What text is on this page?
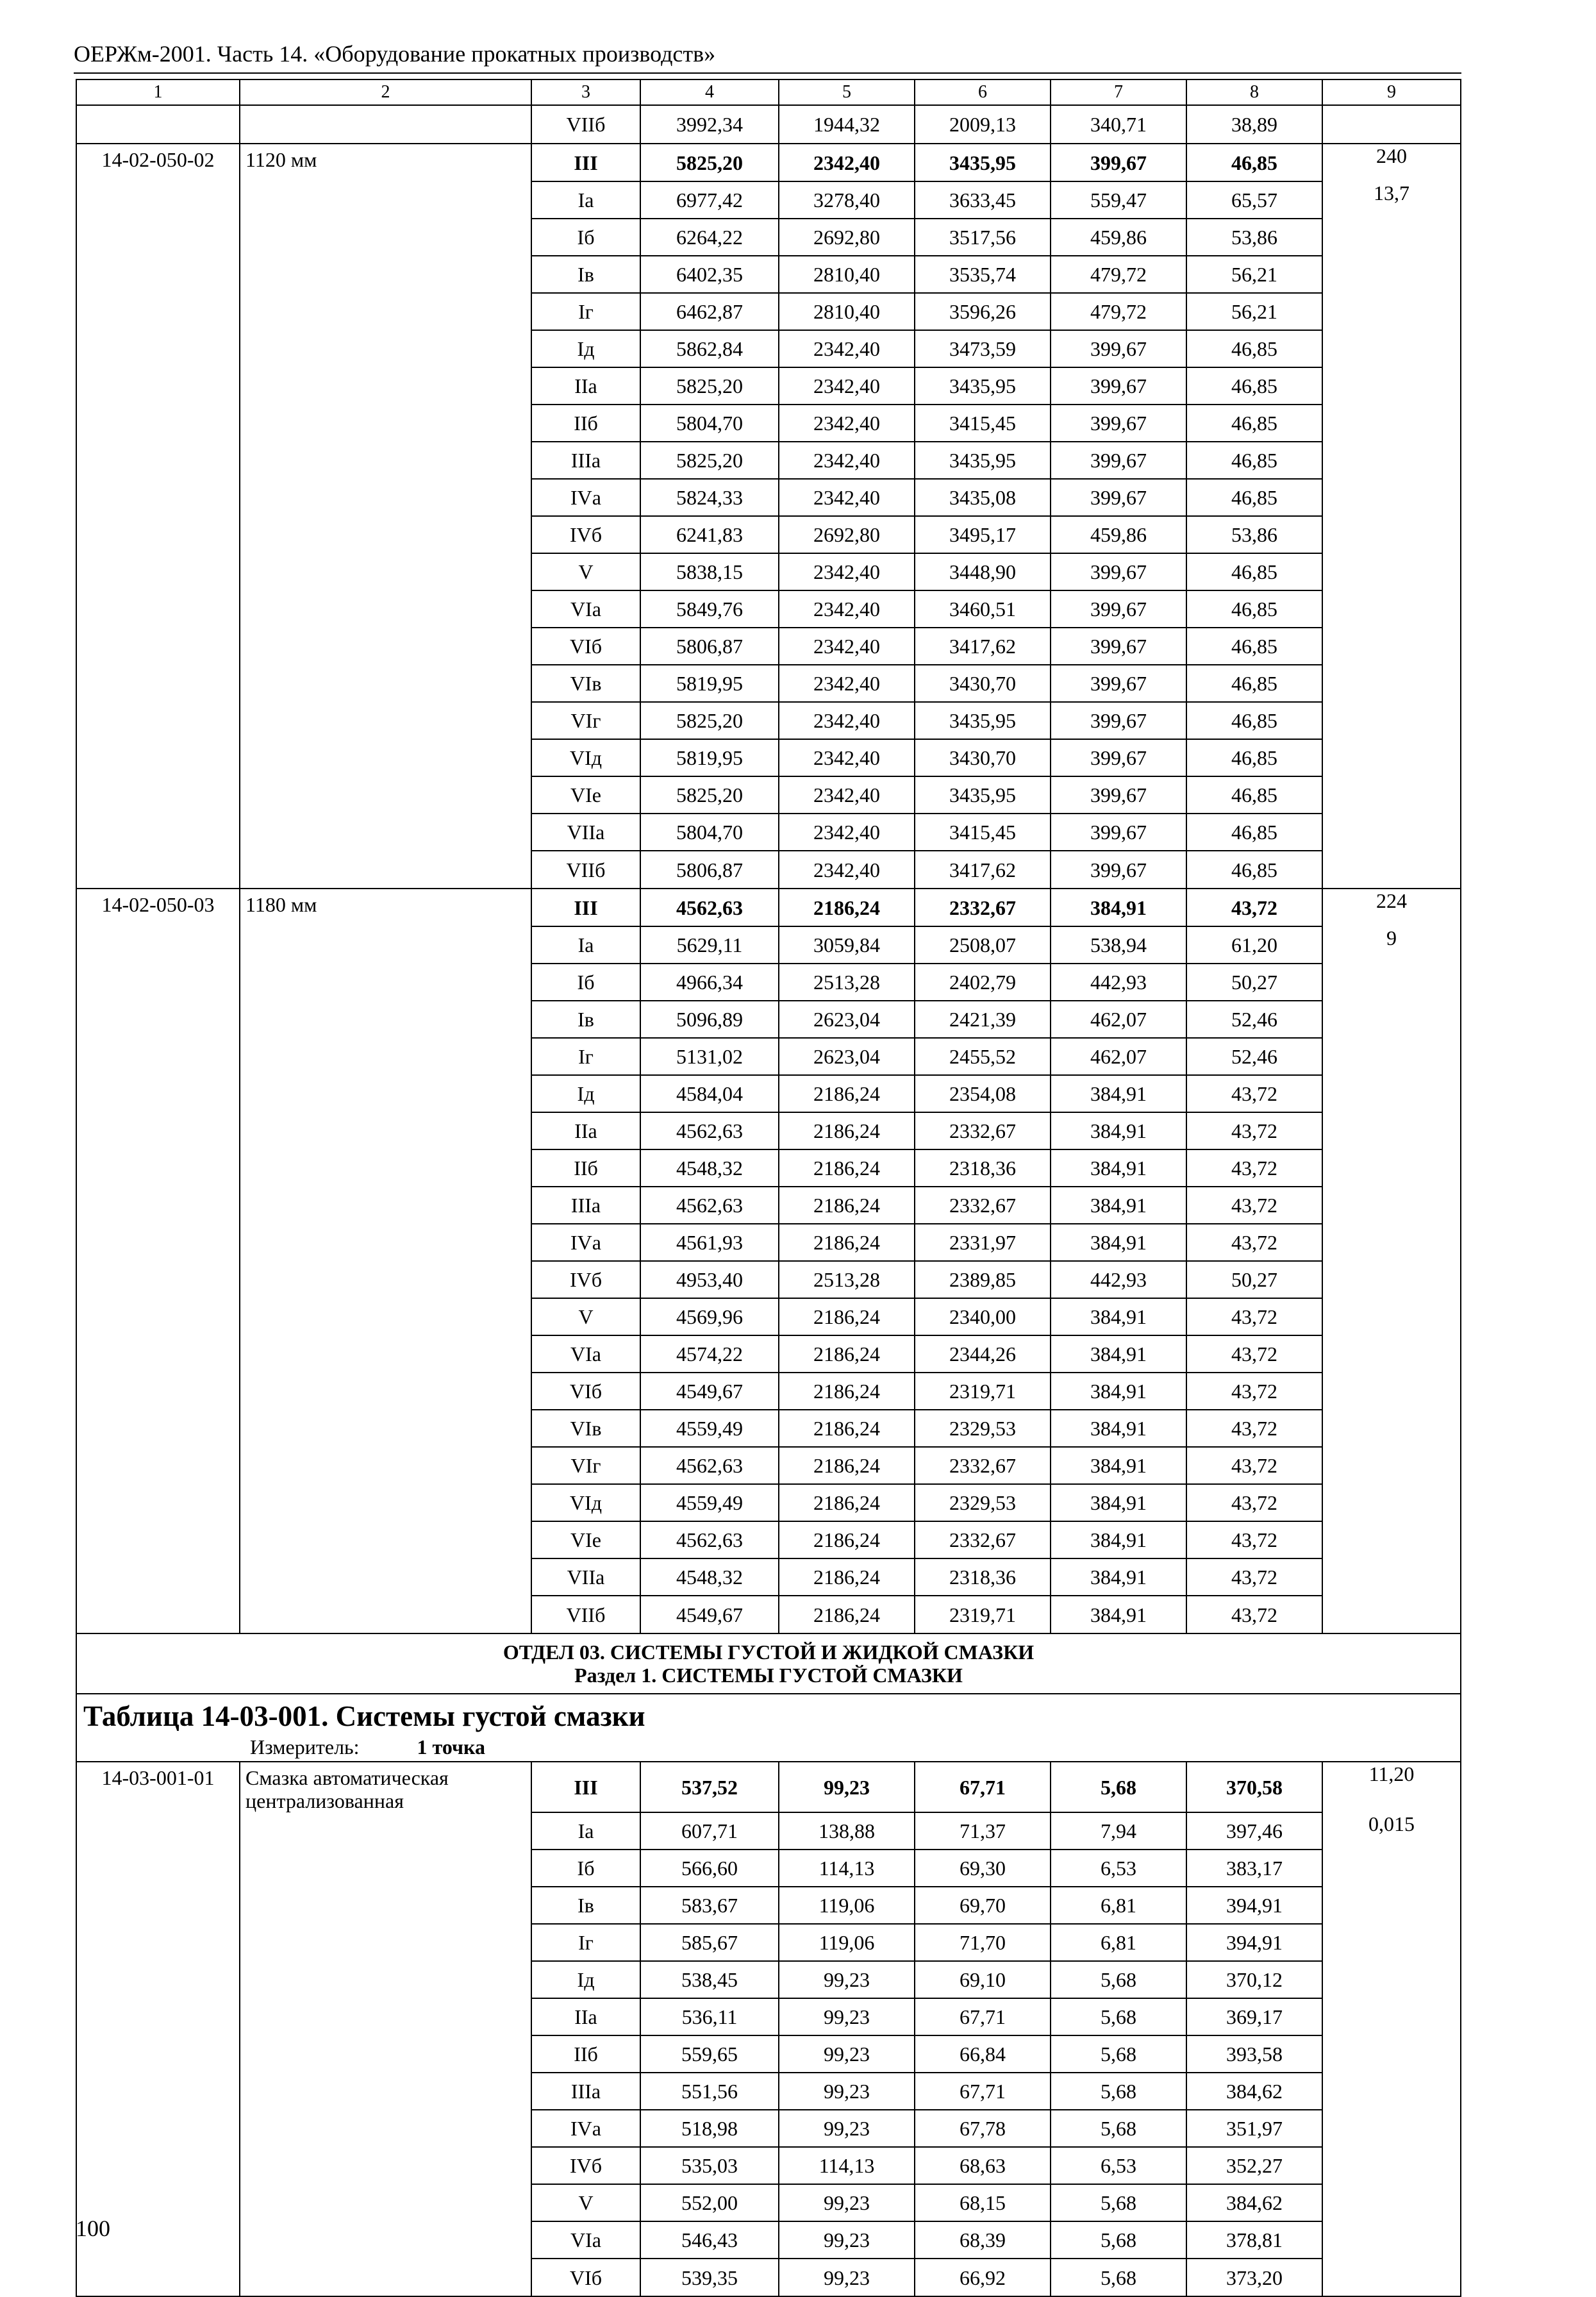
ОЕРЖм-2001. Часть 14. «Оборудование прокатных производств»
1	2	3	4	5	6	7	8	9
		VIIб	3992,34	1944,32	2009,13	340,71	38,89	
14-02-050-02	1120 мм	III	5825,20	2342,40	3435,95	399,67	46,85	240
		Iа	6977,42	3278,40	3633,45	559,47	65,57	13,7
		Iб	6264,22	2692,80	3517,56	459,86	53,86	
		Iв	6402,35	2810,40	3535,74	479,72	56,21	
		Iг	6462,87	2810,40	3596,26	479,72	56,21	
		Iд	5862,84	2342,40	3473,59	399,67	46,85	
		IIа	5825,20	2342,40	3435,95	399,67	46,85	
		IIб	5804,70	2342,40	3415,45	399,67	46,85	
		IIIа	5825,20	2342,40	3435,95	399,67	46,85	
		IVа	5824,33	2342,40	3435,08	399,67	46,85	
		IVб	6241,83	2692,80	3495,17	459,86	53,86	
		V	5838,15	2342,40	3448,90	399,67	46,85	
		VIа	5849,76	2342,40	3460,51	399,67	46,85	
		VIб	5806,87	2342,40	3417,62	399,67	46,85	
		VIв	5819,95	2342,40	3430,70	399,67	46,85	
		VIг	5825,20	2342,40	3435,95	399,67	46,85	
		VIд	5819,95	2342,40	3430,70	399,67	46,85	
		VIе	5825,20	2342,40	3435,95	399,67	46,85	
		VIIа	5804,70	2342,40	3415,45	399,67	46,85	
		VIIб	5806,87	2342,40	3417,62	399,67	46,85	
14-02-050-03	1180 мм	III	4562,63	2186,24	2332,67	384,91	43,72	224
		Iа	5629,11	3059,84	2508,07	538,94	61,20	9
		Iб	4966,34	2513,28	2402,79	442,93	50,27	
		Iв	5096,89	2623,04	2421,39	462,07	52,46	
		Iг	5131,02	2623,04	2455,52	462,07	52,46	
		Iд	4584,04	2186,24	2354,08	384,91	43,72	
		IIа	4562,63	2186,24	2332,67	384,91	43,72	
		IIб	4548,32	2186,24	2318,36	384,91	43,72	
		IIIа	4562,63	2186,24	2332,67	384,91	43,72	
		IVа	4561,93	2186,24	2331,97	384,91	43,72	
		IVб	4953,40	2513,28	2389,85	442,93	50,27	
		V	4569,96	2186,24	2340,00	384,91	43,72	
		VIа	4574,22	2186,24	2344,26	384,91	43,72	
		VIб	4549,67	2186,24	2319,71	384,91	43,72	
		VIв	4559,49	2186,24	2329,53	384,91	43,72	
		VIг	4562,63	2186,24	2332,67	384,91	43,72	
		VIд	4559,49	2186,24	2329,53	384,91	43,72	
		VIе	4562,63	2186,24	2332,67	384,91	43,72	
		VIIа	4548,32	2186,24	2318,36	384,91	43,72	
		VIIб	4549,67	2186,24	2319,71	384,91	43,72	

ОТДЕЛ 03. СИСТЕМЫ ГУСТОЙ И ЖИДКОЙ СМАЗКИ
Раздел 1. СИСТЕМЫ ГУСТОЙ СМАЗКИ								

Таблица 14-03-001. Системы густой смазки
Измеритель: 1 точка								

14-03-001-01	Смазка автоматическая централизованная	III	537,52	99,23	67,71	5,68	370,58	11,20
		Iа	607,71	138,88	71,37	7,94	397,46	0,015
		Iб	566,60	114,13	69,30	6,53	383,17	
		Iв	583,67	119,06	69,70	6,81	394,91	
		Iг	585,67	119,06	71,70	6,81	394,91	
		Iд	538,45	99,23	69,10	5,68	370,12	
		IIа	536,11	99,23	67,71	5,68	369,17	
		IIб	559,65	99,23	66,84	5,68	393,58	
		IIIа	551,56	99,23	67,71	5,68	384,62	
		IVа	518,98	99,23	67,78	5,68	351,97	
		IVб	535,03	114,13	68,63	6,53	352,27	
		V	552,00	99,23	68,15	5,68	384,62	
		VIа	546,43	99,23	68,39	5,68	378,81	
		VIб	539,35	99,23	66,92	5,68	373,20	
100
